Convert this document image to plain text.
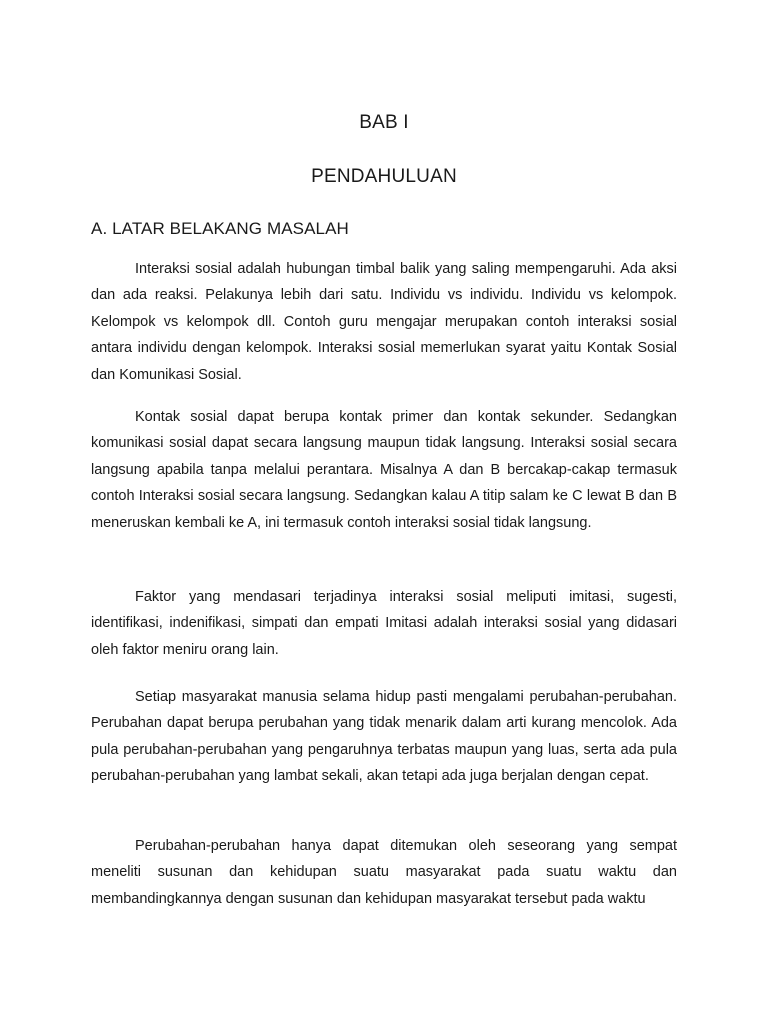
BAB I
PENDAHULUAN
A. LATAR BELAKANG MASALAH

Interaksi sosial adalah hubungan timbal balik yang saling mempengaruhi. Ada aksi dan ada reaksi. Pelakunya lebih dari satu. Individu vs individu. Individu vs kelompok. Kelompok vs kelompok dll. Contoh guru mengajar merupakan contoh interaksi sosial antara individu dengan kelompok. Interaksi sosial memerlukan syarat yaitu Kontak Sosial dan Komunikasi Sosial.

Kontak sosial dapat berupa kontak primer dan kontak sekunder. Sedangkan komunikasi sosial dapat secara langsung maupun tidak langsung. Interaksi sosial secara langsung apabila tanpa melalui perantara. Misalnya A dan B bercakap-cakap termasuk contoh Interaksi sosial secara langsung. Sedangkan kalau A titip salam ke C lewat B dan B meneruskan kembali ke A, ini termasuk contoh interaksi sosial tidak langsung.

Faktor yang mendasari terjadinya interaksi sosial meliputi imitasi, sugesti, identifikasi, indenifikasi, simpati dan empati Imitasi adalah interaksi sosial yang didasari oleh faktor meniru orang lain.

Setiap masyarakat manusia selama hidup pasti mengalami perubahan-perubahan. Perubahan dapat berupa perubahan yang tidak menarik dalam arti kurang mencolok. Ada pula perubahan-perubahan yang pengaruhnya terbatas maupun yang luas, serta ada pula perubahan-perubahan yang lambat sekali, akan tetapi ada juga berjalan dengan cepat.

Perubahan-perubahan hanya dapat ditemukan oleh seseorang yang sempat meneliti susunan dan kehidupan suatu masyarakat pada suatu waktu dan membandingkannya dengan susunan dan kehidupan masyarakat tersebut pada waktu
